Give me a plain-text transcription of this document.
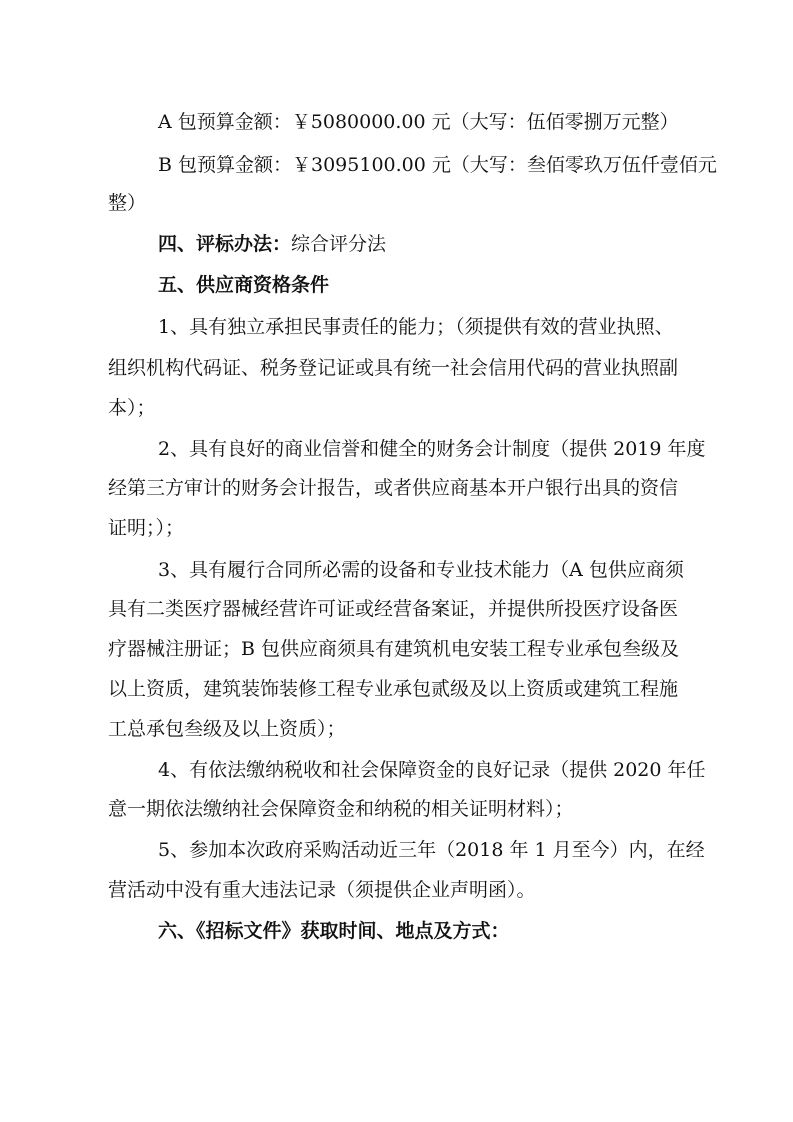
A 包预算金额：￥5080000.00 元（大写：伍佰零捌万元整）
B 包预算金额：￥3095100.00 元（大写：叁佰零玖万伍仟壹佰元
整）
四、评标办法：综合评分法
五、供应商资格条件
1、具有独立承担民事责任的能力；（须提供有效的营业执照、
组织机构代码证、税务登记证或具有统一社会信用代码的营业执照副
本）；
2、具有良好的商业信誉和健全的财务会计制度（提供 2019 年度
经第三方审计的财务会计报告，或者供应商基本开户银行出具的资信
证明；）；
3、具有履行合同所必需的设备和专业技术能力（A 包供应商须
具有二类医疗器械经营许可证或经营备案证，并提供所投医疗设备医
疗器械注册证；B 包供应商须具有建筑机电安装工程专业承包叁级及
以上资质，建筑装饰装修工程专业承包贰级及以上资质或建筑工程施
工总承包叁级及以上资质）；
4、有依法缴纳税收和社会保障资金的良好记录（提供 2020 年任
意一期依法缴纳社会保障资金和纳税的相关证明材料）；
5、参加本次政府采购活动近三年（2018 年 1 月至今）内，在经
营活动中没有重大违法记录（须提供企业声明函）。
六、《招标文件》获取时间、地点及方式：
